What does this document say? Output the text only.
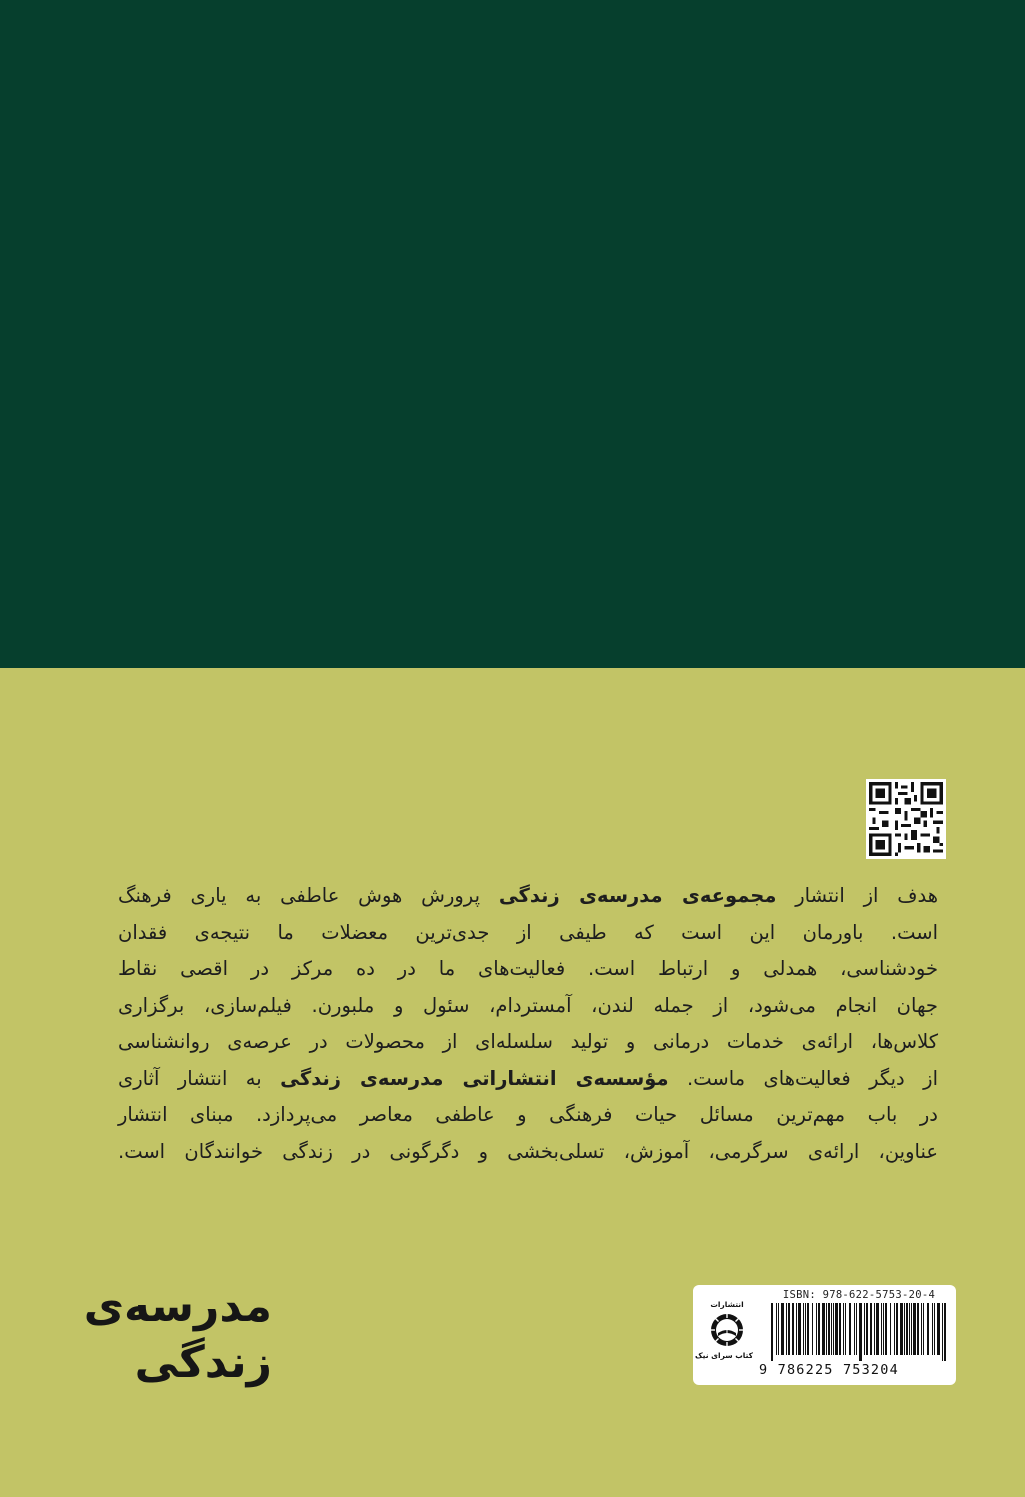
هدف از انتشار مجموعه‌ی مدرسه‌ی زندگی پرورش هوش عاطفی به یاری فرهنگ
است. باورمان این است که طیفی از جدی‌ترین معضلات ما نتیجه‌ی فقدان
خودشناسی، همدلی و ارتباط است. فعالیت‌های ما در ده مرکز در اقصی نقاط
جهان انجام می‌شود، از جمله لندن، آمستردام، سئول و ملبورن. فیلم‌سازی، برگزاری
کلاس‌ها، ارائه‌ی خدمات درمانی و تولید سلسله‌ای از محصولات در عرصه‌ی روانشناسی
از دیگر فعالیت‌های ماست. مؤسسه‌ی انتشاراتی مدرسه‌ی زندگی به انتشار آثاری
در باب مهم‌ترین مسائل حیات فرهنگی و عاطفی معاصر می‌پردازد. مبنای انتشار
عناوین، ارائه‌ی سرگرمی، آموزش، تسلی‌بخشی و دگرگونی در زندگی خوانندگان است.
مدرسه‌ی
زندگی
انتشارات
کتاب سرای نیک
ISBN: 978-622-5753-20-4
9 786225 753204
